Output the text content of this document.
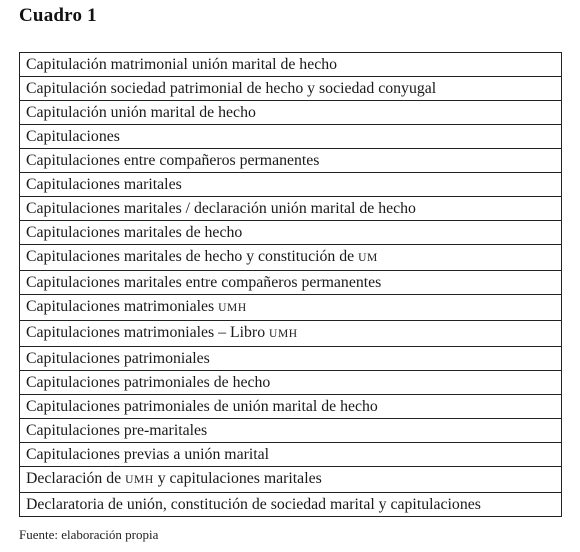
Cuadro 1
Capitulación matrimonial unión marital de hecho
Capitulación sociedad patrimonial de hecho y sociedad conyugal
Capitulación unión marital de hecho
Capitulaciones
Capitulaciones entre compañeros permanentes
Capitulaciones maritales
Capitulaciones maritales / declaración unión marital de hecho
Capitulaciones maritales de hecho
Capitulaciones maritales de hecho y constitución de UM
Capitulaciones maritales entre compañeros permanentes
Capitulaciones matrimoniales UMH
Capitulaciones matrimoniales – Libro UMH
Capitulaciones patrimoniales
Capitulaciones patrimoniales de hecho
Capitulaciones patrimoniales de unión marital de hecho
Capitulaciones pre-maritales
Capitulaciones previas a unión marital
Declaración de UMH y capitulaciones maritales
Declaratoria de unión, constitución de sociedad marital y capitulaciones
Fuente: elaboración propia
